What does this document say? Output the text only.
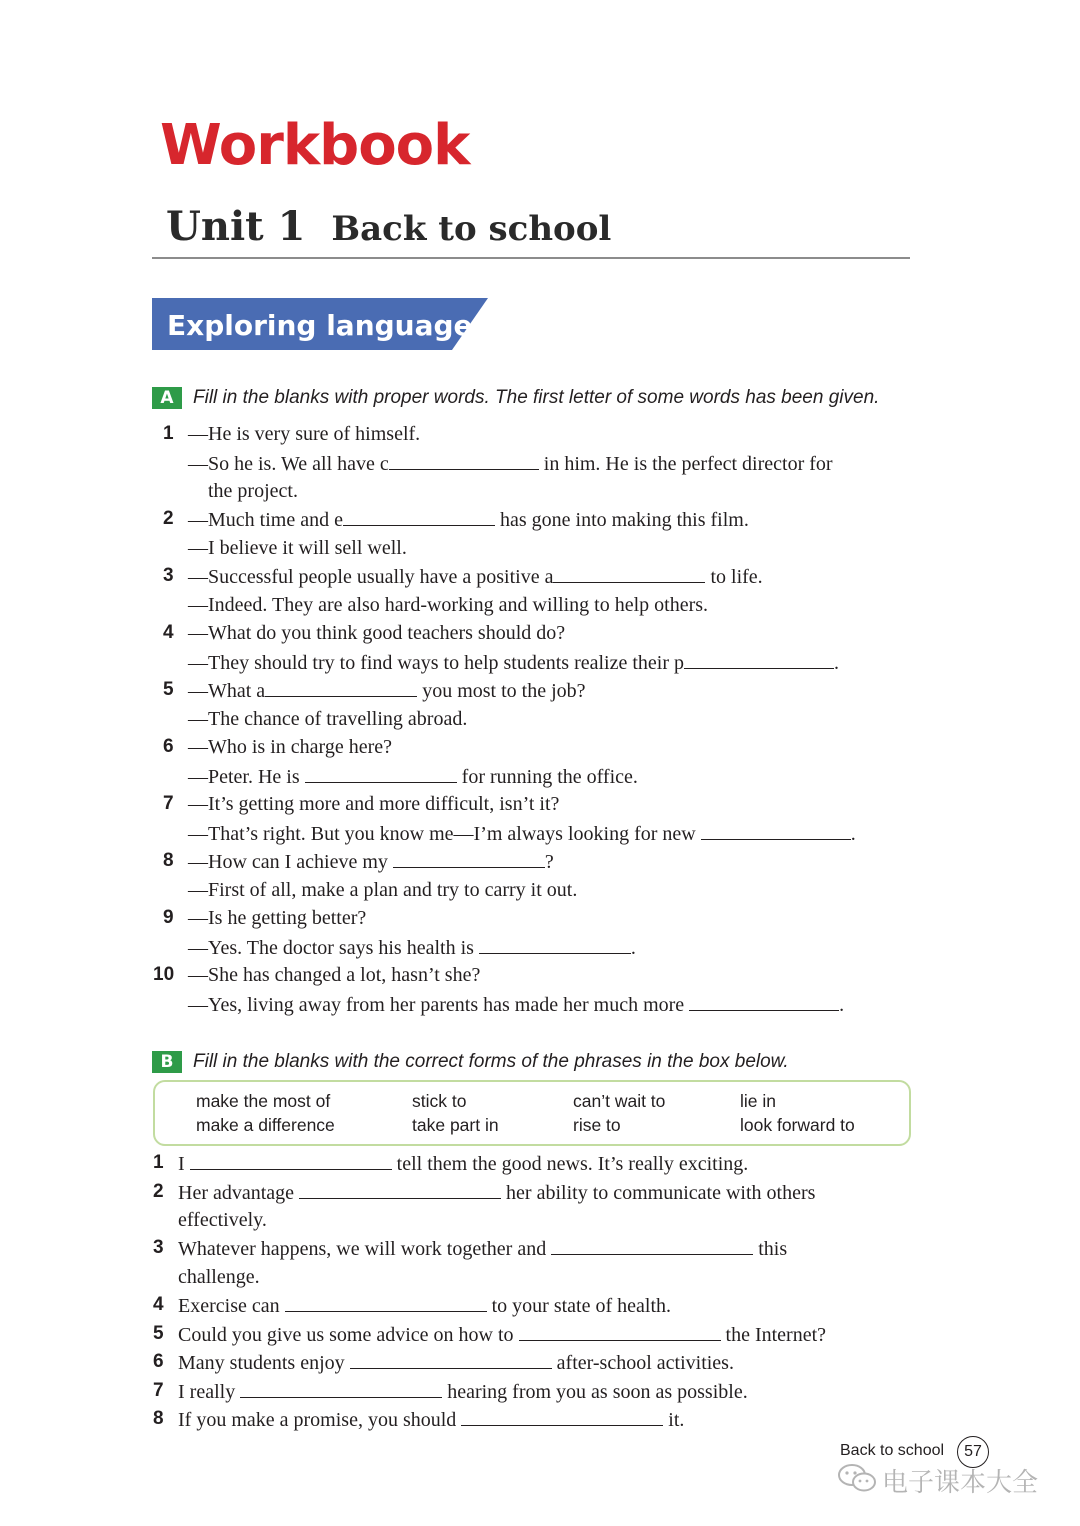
Workbook
Unit 1 Back to school
Exploring language
A	Fill in the blanks with proper words. The first letter of some words has been given.
1 —He is very sure of himself.
—So he is. We all have c	in him. He is the perfect director for
the project.
2 —Much time and e	has gone into making this film.
—I believe it will sell well.
3 —Successful people usually have a positive a	to life.
—Indeed. They are also hard-working and willing to help others.
4 —What do you think good teachers should do?
—They should try to find ways to help students realize their p	.
5 —What a	you most to the job?
—The chance of travelling abroad.
6 —Who is in charge here?
—Peter. He is	for running the office.
7 —It’s getting more and more difficult, isn’t it?
—That’s right. But you know me—I’m always looking for new	.
8 —How can I achieve my	?
—First of all, make a plan and try to carry it out.
9 —Is he getting better?
—Yes. The doctor says his health is	.
10 —She has changed a lot, hasn’t she?
—Yes, living away from her parents has made her much more	.
B	Fill in the blanks with the correct forms of the phrases in the box below.
make the most of	stick to	can’t wait to	lie in
make a difference	take part in	rise to	look forward to
1 I	tell them the good news. It’s really exciting.
2 Her advantage	her ability to communicate with others
effectively.
3 Whatever happens, we will work together and	this
challenge.
4 Exercise can	to your state of health.
5 Could you give us some advice on how to	the Internet?
6 Many students enjoy	after-school activities.
7 I really	hearing from you as soon as possible.
8 If you make a promise, you should	it.
Back to school	57
电子课本大全
